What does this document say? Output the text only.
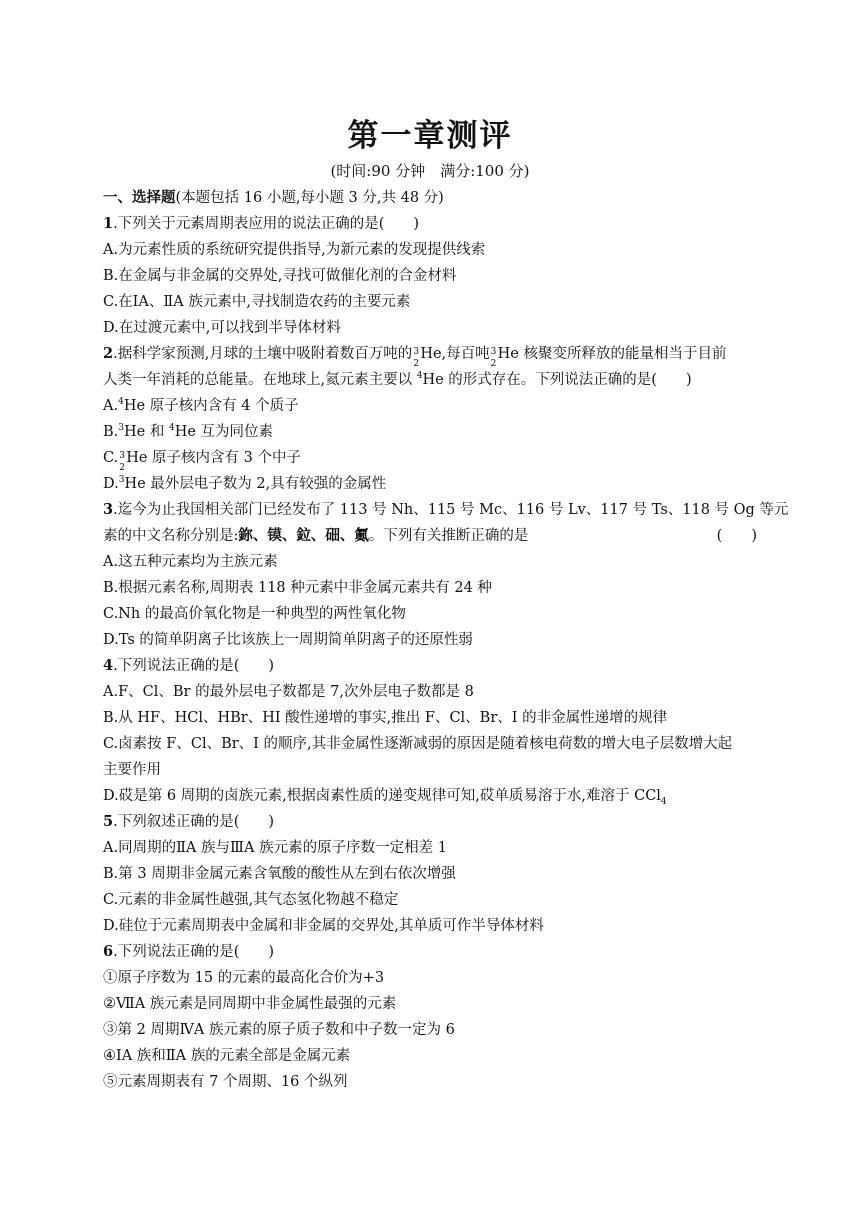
第一章测评
(时间:90 分钟　满分:100 分)
一、选择题(本题包括 16 小题,每小题 3 分,共 48 分)
1.下列关于元素周期表应用的说法正确的是(　　)
A.为元素性质的系统研究提供指导,为新元素的发现提供线索
B.在金属与非金属的交界处,寻找可做催化剂的合金材料
C.在ⅠA、ⅡA 族元素中,寻找制造农药的主要元素
D.在过渡元素中,可以找到半导体材料
2.据科学家预测,月球的土壤中吸附着数百万吨的 3
2
He,每百吨 3
2
He 核聚变所释放的能量相当于目前
人类一年消耗的总能量。在地球上,氦元素主要以 $^4$He 的形式存在。下列说法正确的是(　　)
A.$^4$He 原子核内含有 4 个质子
B.$^3$He 和 $^4$He 互为同位素
C. 3
2
He 原子核内含有 3 个中子
D.$^3$He 最外层电子数为 2,具有较强的金属性
3.迄今为止我国相关部门已经发布了 113 号 Nh、115 号 Mc、116 号 Lv、117 号 Ts、118 号 Og 等元
素的中文名称分别是:鉨、镆、鉝、鿬、鿫。下列有关推断正确的是	(　　)
A.这五种元素均为主族元素
B.根据元素名称,周期表 118 种元素中非金属元素共有 24 种
C.Nh 的最高价氧化物是一种典型的两性氧化物
D.Ts 的简单阴离子比该族上一周期简单阴离子的还原性弱
4.下列说法正确的是(　　)
A.F、Cl、Br 的最外层电子数都是 7,次外层电子数都是 8
B.从 HF、HCl、HBr、HI 酸性递增的事实,推出 F、Cl、Br、I 的非金属性递增的规律
C.卤素按 F、Cl、Br、I 的顺序,其非金属性逐渐减弱的原因是随着核电荷数的增大电子层数增大起
主要作用
D.砹是第 6 周期的卤族元素,根据卤素性质的递变规律可知,砹单质易溶于水,难溶于 CCl$_4$
5.下列叙述正确的是(　　)
A.同周期的ⅡA 族与ⅢA 族元素的原子序数一定相差 1
B.第 3 周期非金属元素含氧酸的酸性从左到右依次增强
C.元素的非金属性越强,其气态氢化物越不稳定
D.硅位于元素周期表中金属和非金属的交界处,其单质可作半导体材料
6.下列说法正确的是(　　)
①原子序数为 15 的元素的最高化合价为+3
②ⅦA 族元素是同周期中非金属性最强的元素
③第 2 周期ⅣA 族元素的原子质子数和中子数一定为 6
④ⅠA 族和ⅡA 族的元素全部是金属元素
⑤元素周期表有 7 个周期、16 个纵列
